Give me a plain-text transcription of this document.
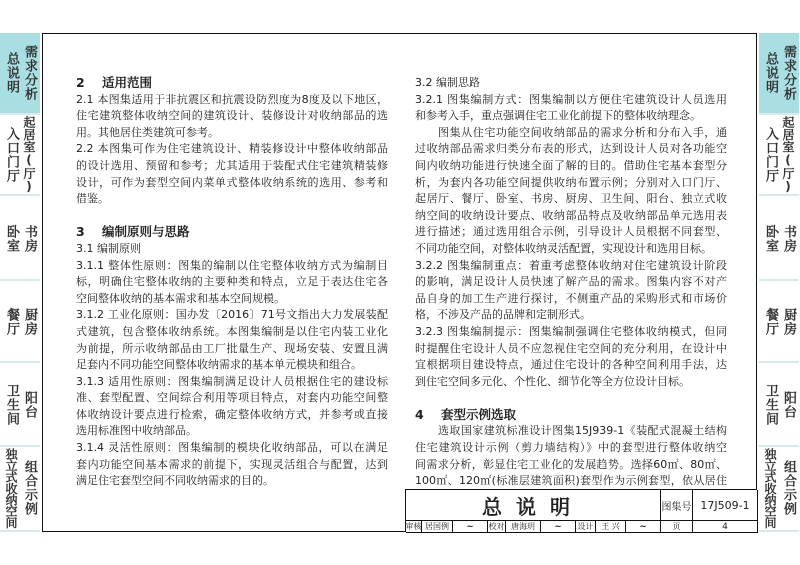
需求分析
总说明
起居室(厅)
入口门厅
书房
卧室
厨房
餐厅
阳台
卫生间
组合示例
独立式收纳空间
需求分析
总说明
起居室(厅)
入口门厅
书房
卧室
厨房
餐厅
阳台
卫生间
组合示例
独立式收纳空间
2 适用范围
2.1 本图集适用于非抗震区和抗震设防烈度为8度及以下地区，
住宅建筑整体收纳空间的建筑设计、装修设计对收纳部品的选
用。其他居住类建筑可参考。
2.2 本图集可作为住宅建筑设计、精装修设计中整体收纳部品
的设计选用、预留和参考；尤其适用于装配式住宅建筑精装修
设计，可作为套型空间内菜单式整体收纳系统的选用、参考和
借鉴。
3 编制原则与思路
3.1 编制原则
3.1.1 整体性原则：图集的编制以住宅整体收纳方式为编制目
标，明确住宅整体收纳的主要种类和特点，立足于表达住宅各
空间整体收纳的基本需求和基本空间规模。
3.1.2 工业化原则：国办发〔2016〕71号文指出大力发展装配
式建筑，包含整体收纳系统。本图集编制是以住宅内装工业化
为前提，所示收纳部品由工厂批量生产、现场安装、安置且满
足套内不同功能空间整体收纳需求的基本单元模块和组合。
3.1.3 适用性原则：图集编制满足设计人员根据住宅的建设标
准、套型配置、空间综合利用等项目特点，对套内功能空间整
体收纳设计要点进行检索，确定整体收纳方式，并参考或直接
选用标准图中收纳部品。
3.1.4 灵活性原则：图集编制的模块化收纳部品，可以在满足
套内功能空间基本需求的前提下，实现灵活组合与配置，达到
满足住宅套型空间不同收纳需求的目的。
3.2 编制思路
3.2.1 图集编制方式：图集编制以方便住宅建筑设计人员选用
和参考入手，重点强调住宅工业化前提下的整体收纳理念。
图集从住宅功能空间收纳部品的需求分析和分布入手，通
过收纳部品需求归类分布表的形式，达到设计人员对各功能空
间内收纳功能进行快速全面了解的目的。借助住宅基本套型分
析，为套内各功能空间提供收纳布置示例；分别对入口门厅、
起居厅、餐厅、卧室、书房、厨房、卫生间、阳台、独立式收
纳空间的收纳设计要点、收纳部品特点及收纳部品单元选用表
进行描述；通过选用组合示例，引导设计人员根据不同套型、
不同功能空间，对整体收纳灵活配置，实现设计和选用目标。
3.2.2 图集编制重点：着重考虑整体收纳对住宅建筑设计阶段
的影响，满足设计人员快速了解产品的需求。图集内容不对产
品自身的加工生产进行探讨，不侧重产品的采购形式和市场价
格，不涉及产品的品牌和定制形式。
3.2.3 图集编制提示：图集编制强调住宅整体收纳模式，但同
时提醒住宅设计人员不应忽视住宅空间的充分利用，在设计中
宜根据项目建设特点，通过住宅设计的各种空间利用手法，达
到住宅空间多元化、个性化、细节化等全方位设计目标。
4 套型示例选取
选取国家建筑标准设计图集15J939-1《装配式混凝土结构
住宅建筑设计示例（剪力墙结构）》中的套型进行整体收纳空
间需求分析，彰显住宅工业化的发展趋势。选择60㎡、80㎡、
100㎡、120㎡(标准层建筑面积)套型作为示例套型，依从居住
总说明	图集号 17J509-1
审核 居国例	~	校对 唐海玥	~	设计 王 兴	~	页	4
